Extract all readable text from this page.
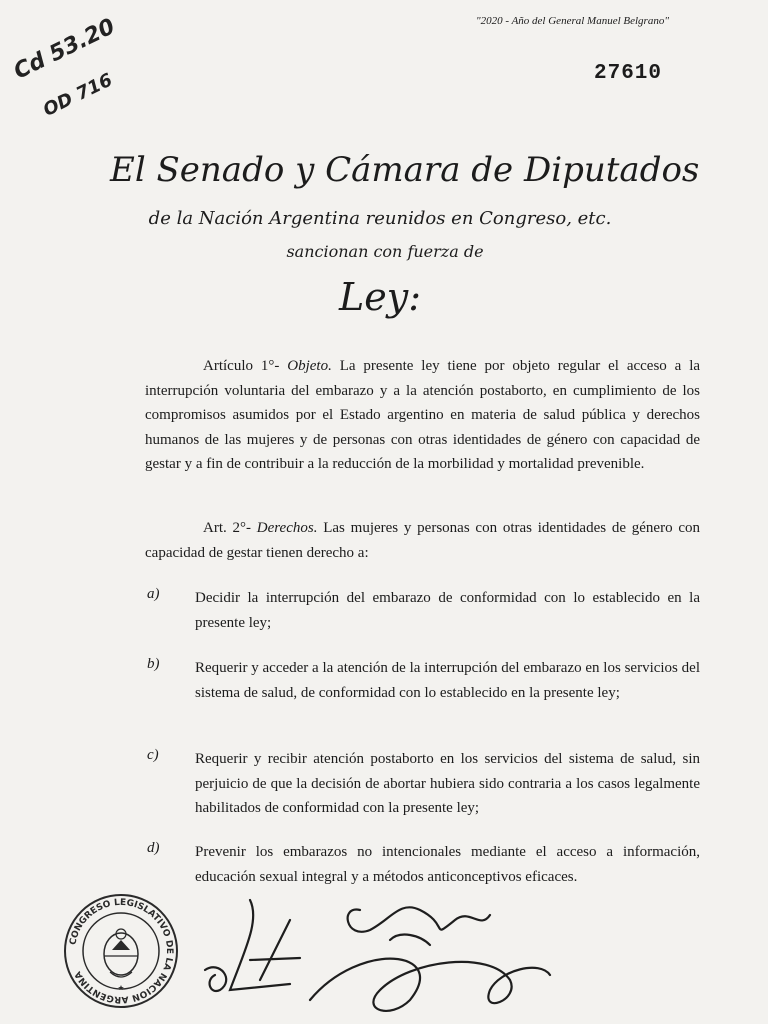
"2020 - Año del General Manuel Belgrano"
27610
Cd 53.20
OD 716
El Senado y Cámara de Diputados
de la Nación Argentina reunidos en Congreso, etc.
sancionan con fuerza de
Ley:
Artículo 1°- Objeto. La presente ley tiene por objeto regular el acceso a la interrupción voluntaria del embarazo y a la atención postaborto, en cumplimiento de los compromisos asumidos por el Estado argentino en materia de salud pública y derechos humanos de las mujeres y de personas con otras identidades de género con capacidad de gestar y a fin de contribuir a la reducción de la morbilidad y mortalidad prevenible.
Art. 2°- Derechos. Las mujeres y personas con otras identidades de género con capacidad de gestar tienen derecho a:
a) Decidir la interrupción del embarazo de conformidad con lo establecido en la presente ley;
b) Requerir y acceder a la atención de la interrupción del embarazo en los servicios del sistema de salud, de conformidad con lo establecido en la presente ley;
c) Requerir y recibir atención postaborto en los servicios del sistema de salud, sin perjuicio de que la decisión de abortar hubiera sido contraria a los casos legalmente habilitados de conformidad con la presente ley;
d) Prevenir los embarazos no intencionales mediante el acceso a información, educación sexual integral y a métodos anticonceptivos eficaces.
CONGRESO LEGISLATIVO DE LA NACION ARGENTINA
